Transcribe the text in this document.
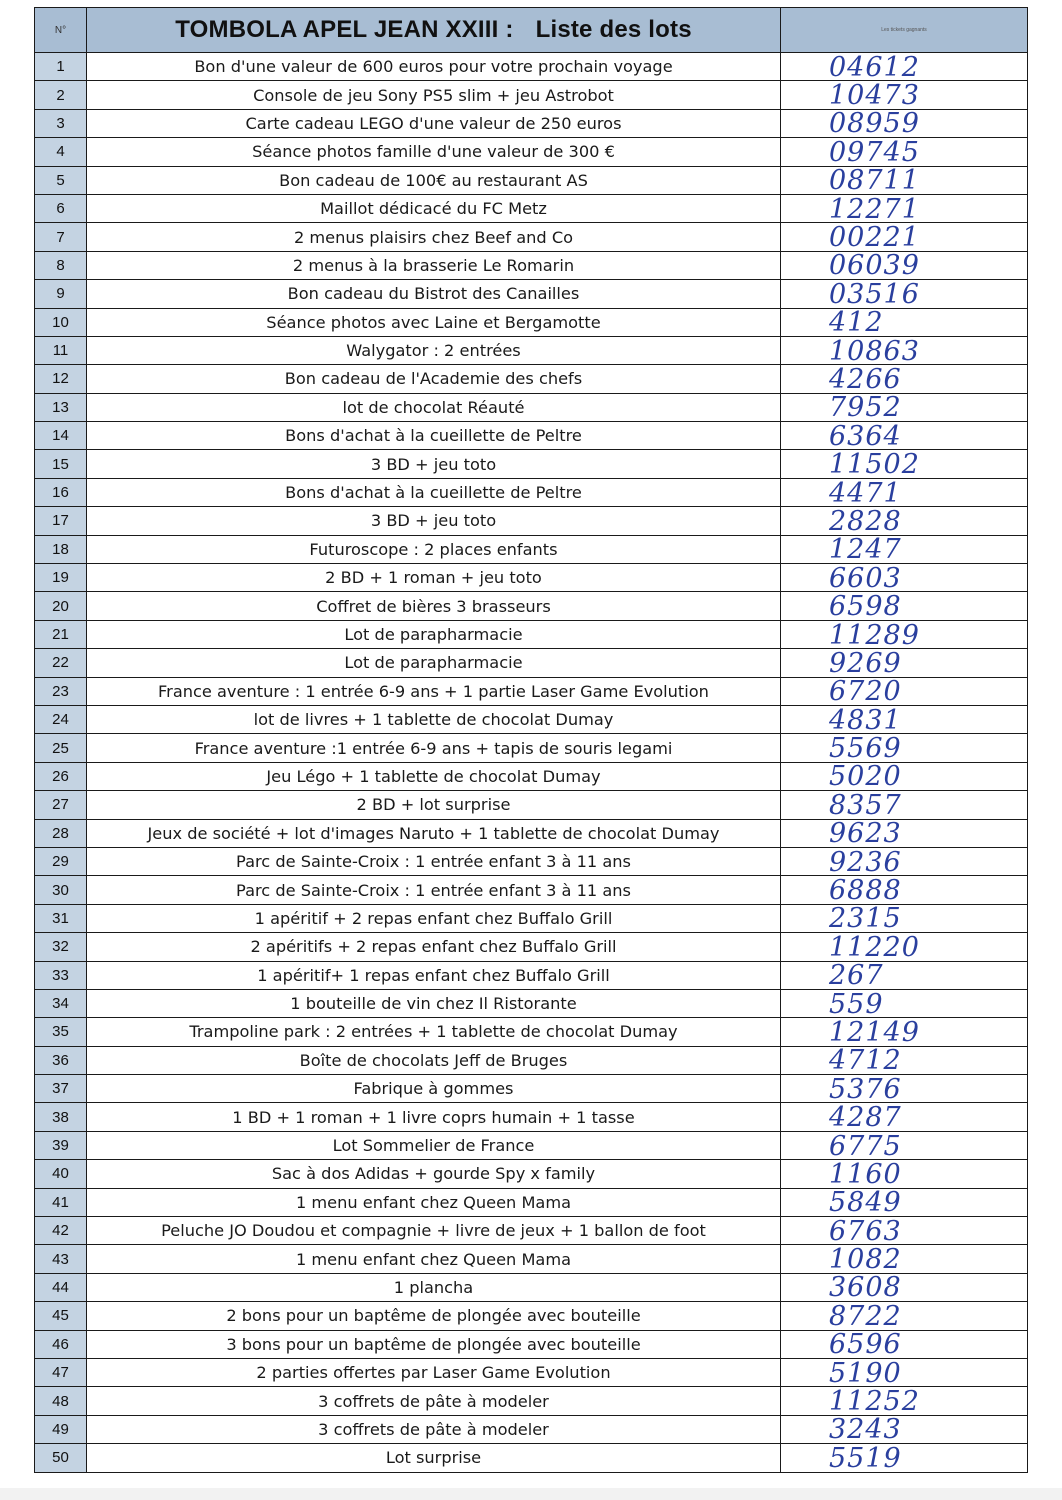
N°	TOMBOLA APEL JEAN XXIII : Liste des lots	Les tickets gagnants
1	Bon d'une valeur de 600 euros pour votre prochain voyage	04612
2	Console de jeu Sony PS5 slim + jeu Astrobot	10473
3	Carte cadeau LEGO d'une valeur de 250 euros	08959
4	Séance photos famille d'une valeur de 300 €	09745
5	Bon cadeau de 100€ au restaurant AS	08711
6	Maillot dédicacé du FC Metz	12271
7	2 menus plaisirs chez Beef and Co	00221
8	2 menus à la brasserie Le Romarin	06039
9	Bon cadeau du Bistrot des Canailles	03516
10	Séance photos avec Laine et Bergamotte	412
11	Walygator : 2 entrées	10863
12	Bon cadeau de l'Academie des chefs	4266
13	lot de chocolat Réauté	7952
14	Bons d'achat à la cueillette de Peltre	6364
15	3 BD + jeu toto	11502
16	Bons d'achat à la cueillette de Peltre	4471
17	3 BD + jeu toto	2828
18	Futuroscope : 2 places enfants	1247
19	2 BD + 1 roman + jeu toto	6603
20	Coffret de bières 3 brasseurs	6598
21	Lot de parapharmacie	11289
22	Lot de parapharmacie	9269
23	France aventure : 1 entrée 6-9 ans + 1 partie Laser Game Evolution	6720
24	lot de livres + 1 tablette de chocolat Dumay	4831
25	France aventure :1 entrée 6-9 ans + tapis de souris legami	5569
26	Jeu Légo + 1 tablette de chocolat Dumay	5020
27	2 BD + lot surprise	8357
28	Jeux de société + lot d'images Naruto + 1 tablette de chocolat Dumay	9623
29	Parc de Sainte-Croix : 1 entrée enfant 3 à 11 ans	9236
30	Parc de Sainte-Croix : 1 entrée enfant 3 à 11 ans	6888
31	1 apéritif + 2 repas enfant chez Buffalo Grill	2315
32	2 apéritifs + 2 repas enfant chez Buffalo Grill	11220
33	1 apéritif+ 1 repas enfant chez Buffalo Grill	267
34	1 bouteille de vin chez Il Ristorante	559
35	Trampoline park : 2 entrées + 1 tablette de chocolat Dumay	12149
36	Boîte de chocolats Jeff de Bruges	4712
37	Fabrique à gommes	5376
38	1 BD + 1 roman + 1 livre coprs humain + 1 tasse	4287
39	Lot Sommelier de France	6775
40	Sac à dos Adidas + gourde Spy x family	1160
41	1 menu enfant chez Queen Mama	5849
42	Peluche JO Doudou et compagnie + livre de jeux + 1 ballon de foot	6763
43	1 menu enfant chez Queen Mama	1082
44	1 plancha	3608
45	2 bons pour un baptême de plongée avec bouteille	8722
46	3 bons pour un baptême de plongée avec bouteille	6596
47	2 parties offertes par Laser Game Evolution	5190
48	3 coffrets de pâte à modeler	11252
49	3 coffrets de pâte à modeler	3243
50	Lot surprise	5519
